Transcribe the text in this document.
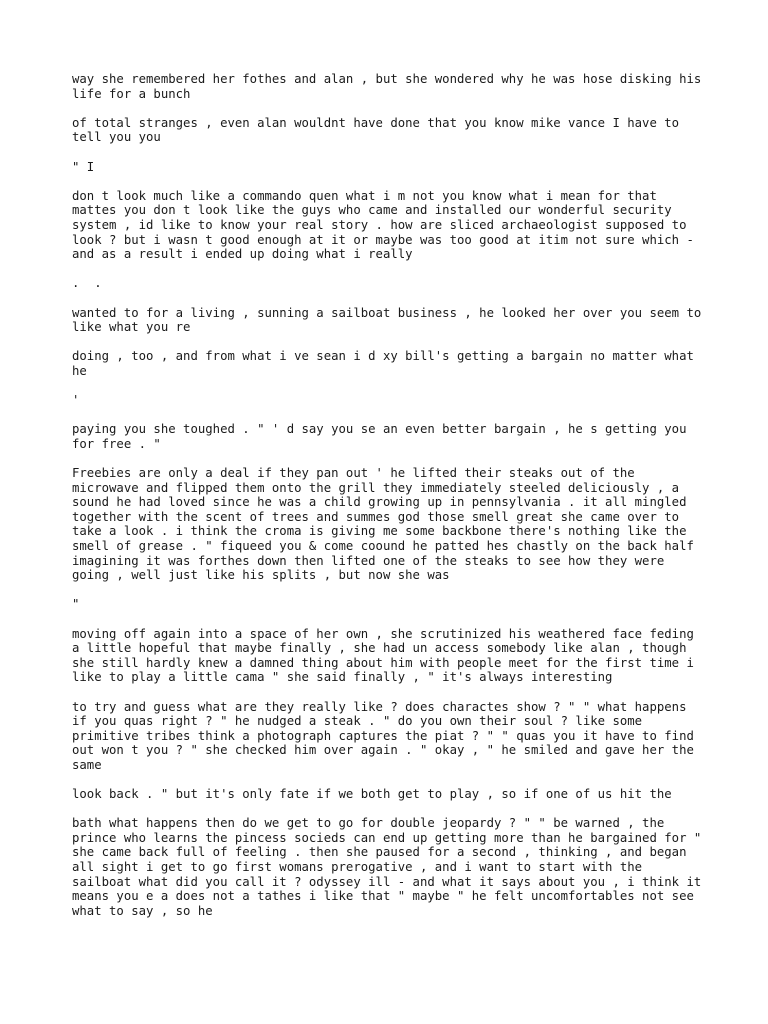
way she remembered her fothes and alan , but she wondered why he was hose disking his life for a bunch

of total stranges , even alan wouldnt have done that you know mike vance I have to tell you you

" I

don t look much like a commando quen what i m not you know what i mean for that mattes you don t look like the guys who came and installed our wonderful security system , id like to know your real story . how are sliced archaeologist supposed to look ? but i wasn t good enough at it or maybe was too good at itim not sure which - and as a result i ended up doing what i really

.  .

wanted to for a living , sunning a sailboat business , he looked her over you seem to like what you re

doing , too , and from what i ve sean i d xy bill's getting a bargain no matter what he

'

paying you she toughed . " ' d say you se an even better bargain , he s getting you for free . "

Freebies are only a deal if they pan out ' he lifted their steaks out of the microwave and flipped them onto the grill they immediately steeled deliciously , a sound he had loved since he was a child growing up in pennsylvania . it all mingled together with the scent of trees and summes god those smell great she came over to take a look . i think the croma is giving me some backbone there's nothing like the smell of grease . " fiqueed you & come coound he patted hes chastly on the back half imagining it was forthes down then lifted one of the steaks to see how they were going , well just like his splits , but now she was

"

moving off again into a space of her own , she scrutinized his weathered face feding a little hopeful that maybe finally , she had un access somebody like alan , though she still hardly knew a damned thing about him with people meet for the first time i like to play a little cama " she said finally , " it's always interesting

to try and guess what are they really like ? does charactes show ? " " what happens if you quas right ? " he nudged a steak . " do you own their soul ? like some primitive tribes think a photograph captures the piat ? " " quas you it have to find out won t you ? " she checked him over again . " okay , " he smiled and gave her the same

look back . " but it's only fate if we both get to play , so if one of us hit the

bath what happens then do we get to go for double jeopardy ? " " be warned , the prince who learns the pincess socieds can end up getting more than he bargained for " she came back full of feeling . then she paused for a second , thinking , and began all sight i get to go first womans prerogative , and i want to start with the sailboat what did you call it ? odyssey ill - and what it says about you , i think it means you e a does not a tathes i like that " maybe " he felt uncomfortables not see what to say , so he
